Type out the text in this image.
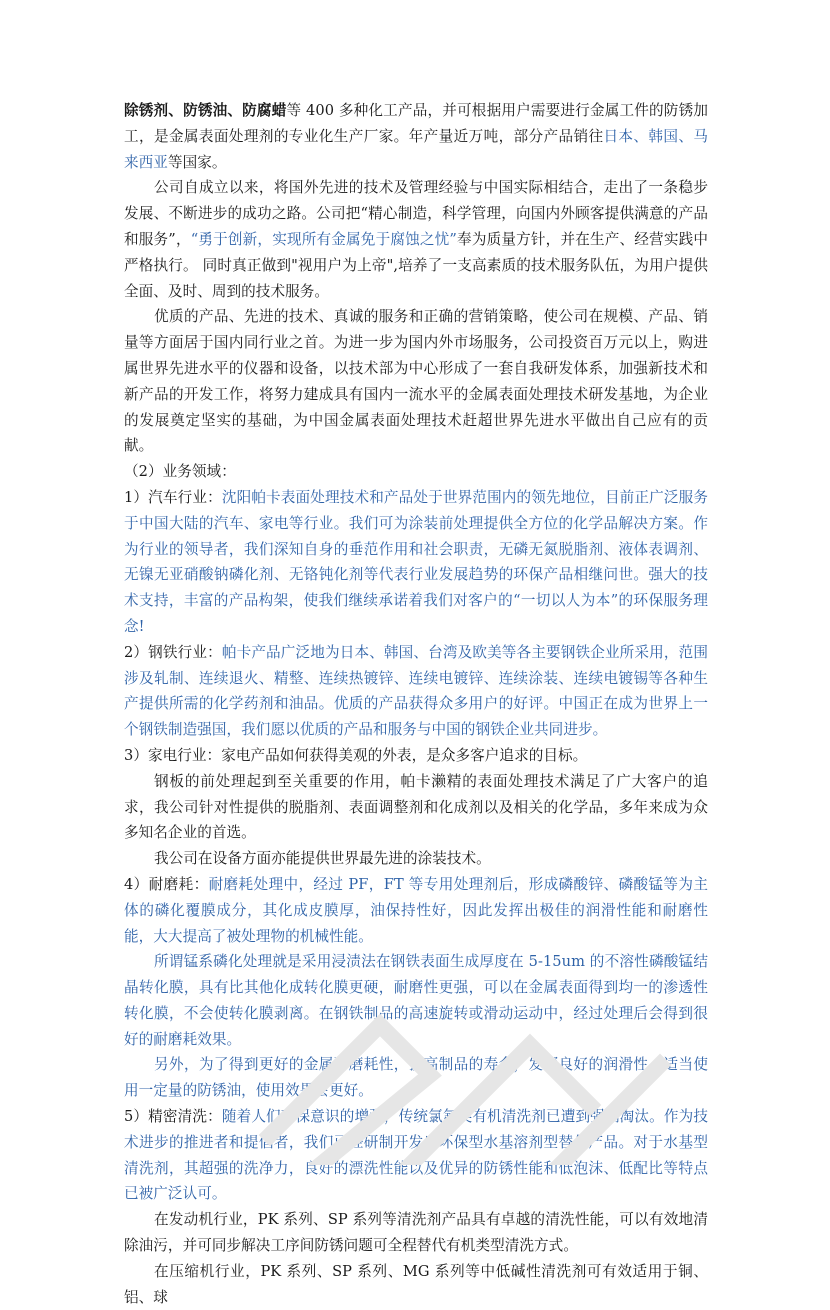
除锈剂、防锈油、防腐蜡等 400 多种化工产品，并可根据用户需要进行金属工件的防锈加工，是金属表面处理剂的专业化生产厂家。年产量近万吨，部分产品销往日本、韩国、马来西亚等国家。

公司自成立以来，将国外先进的技术及管理经验与中国实际相结合，走出了一条稳步发展、不断进步的成功之路。公司把“精心制造，科学管理，向国内外顾客提供满意的产品和服务”，“勇于创新，实现所有金属免于腐蚀之忧”奉为质量方针，并在生产、经营实践中严格执行。 同时真正做到"视用户为上帝",培养了一支高素质的技术服务队伍，为用户提供全面、及时、周到的技术服务。

优质的产品、先进的技术、真诚的服务和正确的营销策略，使公司在规模、产品、销量等方面居于国内同行业之首。为进一步为国内外市场服务，公司投资百万元以上，购进属世界先进水平的仪器和设备，以技术部为中心形成了一套自我研发体系，加强新技术和新产品的开发工作，将努力建成具有国内一流水平的金属表面处理技术研发基地，为企业的发展奠定坚实的基础，为中国金属表面处理技术赶超世界先进水平做出自己应有的贡献。

（2）业务领域：

1）汽车行业：沈阳帕卡表面处理技术和产品处于世界范围内的领先地位，目前正广泛服务于中国大陆的汽车、家电等行业。我们可为涂装前处理提供全方位的化学品解决方案。作为行业的领导者，我们深知自身的垂范作用和社会职责，无磷无氮脱脂剂、液体表调剂、无镍无亚硝酸钠磷化剂、无铬钝化剂等代表行业发展趋势的环保产品相继问世。强大的技术支持，丰富的产品构架，使我们继续承诺着我们对客户的“一切以人为本”的环保服务理念!

2）钢铁行业：帕卡产品广泛地为日本、韩国、台湾及欧美等各主要钢铁企业所采用，范围涉及轧制、连续退火、精整、连续热镀锌、连续电镀锌、连续涂装、连续电镀锡等各种生产提供所需的化学药剂和油品。优质的产品获得众多用户的好评。中国正在成为世界上一个钢铁制造强国，我们愿以优质的产品和服务与中国的钢铁企业共同进步。

3）家电行业：家电产品如何获得美观的外表，是众多客户追求的目标。

钢板的前处理起到至关重要的作用，帕卡濑精的表面处理技术满足了广大客户的追求，我公司针对性提供的脱脂剂、表面调整剂和化成剂以及相关的化学品，多年来成为众多知名企业的首选。

我公司在设备方面亦能提供世界最先进的涂装技术。

4）耐磨耗：耐磨耗处理中，经过 PF，FT 等专用处理剂后，形成磷酸锌、磷酸锰等为主体的磷化覆膜成分，其化成皮膜厚，油保持性好，因此发挥出极佳的润滑性能和耐磨性能，大大提高了被处理物的机械性能。

所谓锰系磷化处理就是采用浸渍法在钢铁表面生成厚度在 5-15um 的不溶性磷酸锰结晶转化膜，具有比其他化成转化膜更硬，耐磨性更强，可以在金属表面得到均一的渗透性转化膜，不会使转化膜剥离。在钢铁制品的高速旋转或滑动运动中，经过处理后会得到很好的耐磨耗效果。

另外，为了得到更好的金属耐磨耗性，提高制品的寿命，发挥良好的润滑性，适当使用一定量的防锈油，使用效果会更好。

5）精密清洗：随着人们环保意识的增强，传统氯氟类有机清洗剂已遭到强制淘汰。作为技术进步的推进者和提倡者，我们已经研制开发出环保型水基溶剂型替代产品。对于水基型清洗剂，其超强的洗净力，良好的漂洗性能以及优异的防锈性能和低泡沫、低配比等特点已被广泛认可。

在发动机行业，PK 系列、SP 系列等清洗剂产品具有卓越的清洗性能，可以有效地清除油污，并可同步解决工序间防锈问题可全程替代有机类型清洗方式。

在压缩机行业，PK 系列、SP 系列、MG 系列等中低碱性清洗剂可有效适用于铜、铝、球
